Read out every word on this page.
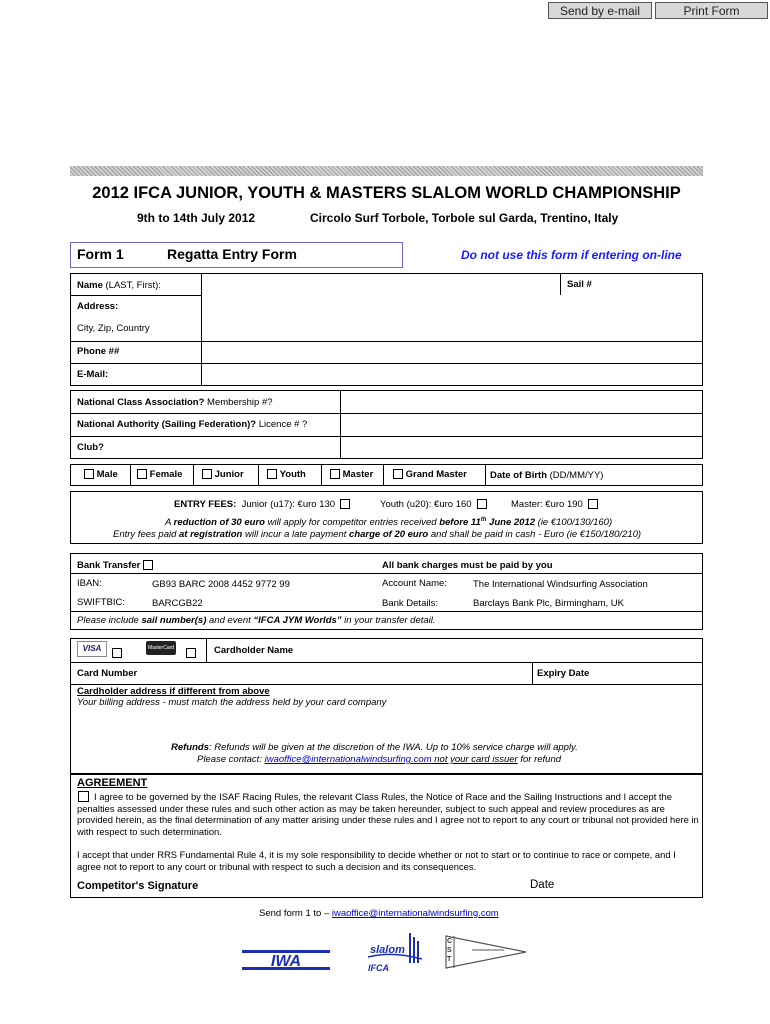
Send by e-mail	Print Form
2012 IFCA JUNIOR, YOUTH & MASTERS SLALOM WORLD CHAMPIONSHIP
9th to 14th July 2012	Circolo Surf Torbole, Torbole sul Garda, Trentino, Italy
Form 1	Regatta Entry Form	Do not use this form if entering on-line
Name (LAST, First):	Sail #
Address:
City, Zip, Country
Phone ##
E-Mail:
National Class Association? Membership #?
National Authority (Sailing Federation)? Licence # ?
Club?
Male	Female	Junior	Youth	Master	Grand Master Date of Birth (DD/MM/YY)
ENTRY FEES: Junior (u17): €uro 130	Youth (u20): €uro 160	Master: €uro 190
A reduction of 30 euro will apply for competitor entries received before 11th June 2012 (ie €100/130/160)
Entry fees paid at registration will incur a late payment charge of 20 euro and shall be paid in cash - Euro (ie €150/180/210)
Bank Transfer	All bank charges must be paid by you
IBAN:	GB93 BARC 2008 4452 9772 99	Account Name:	The International Windsurfing Association
SWIFTBIC:	BARCGB22	Bank Details:	Barclays Bank Plc, Birmingham, UK
Please include sail number(s) and event “IFCA JYM Worlds” in your transfer detail.
VISA	MasterCard	Cardholder Name
Card Number	Expiry Date
Cardholder address if different from above
Your billing address - must match the address held by your card company
Refunds: Refunds will be given at the discretion of the IWA. Up to 10% service charge will apply.
Please contact: iwaoffice@internationalwindsurfing.com not your card issuer for refund
AGREEMENT
I agree to be governed by the ISAF Racing Rules, the relevant Class Rules, the Notice of Race and the Sailing Instructions and I accept the penalties assessed under these rules and such other action as may be taken hereunder, subject to such appeal and review procedures as are provided herein, as the final determination of any matter arising under these rules and I agree not to report to any court or tribunal not provided here in with respect to such determination.
I accept that under RRS Fundamental Rule 4, it is my sole responsibility to decide whether or not to start or to continue to race or compete, and I agree not to report to any court or tribunal with respect to such a decision and its consequences.
Competitor's Signature	Date
Send form 1 to – iwaoffice@internationalwindsurfing.com
IWA
slalom
IFCA
C S T
